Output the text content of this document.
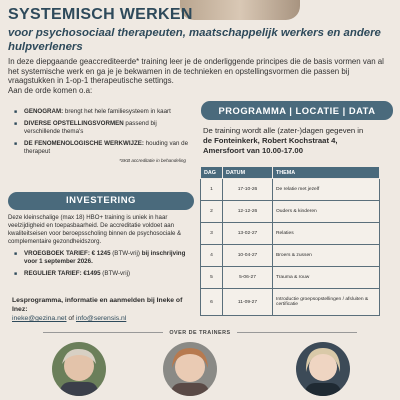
SYSTEMISCH WERKEN
voor psychosociaal therapeuten, maatschappelijk werkers en andere hulpverleners
In deze diepgaande geaccrediteerde* training leer je de onderliggende principes die de basis vormen van al het systemische werk en ga je je bekwamen in de technieken en opstellingsvormen die passen bij vraagstukken in 1-op-1 therapeutische settings.
Aan de orde komen o.a:
■ GENOGRAM: brengt het hele familiesysteem in kaart
■ DIVERSE OPSTELLINGSVORMEN passend bij verschillende thema's
■ DE FENOMENOLOGISCHE WERKWIJZE: houding van de therapeut
*SKB accreditatie in behandeling
INVESTERING
Deze kleinschalige (max 18) HBO+ training is uniek in haar veelzijdigheid en toepasbaarheid. De accreditatie voldoet aan kwaliteitseisen voor beroepsscholing binnen de psychosociale & complementaire gezondheidszorg.
■ VROEGBOEK TARIEF: € 1245 (BTW-vrij) bij inschrijving voor 1 september 2026.
■ REGULIER TARIEF: €1495 (BTW-vrij)
Lesprogramma, informatie en aanmelden bij Ineke of Inez:
ineke@gezina.net of info@serensis.nl
OVER DE TRAINERS
PROGRAMMA | LOCATIE | DATA
De training wordt alle (zater-)dagen gegeven in
de Fonteinkerk, Robert Kochstraat 4,
Amersfoort van 10.00-17.00
DAG	DATUM	THEMA
1	17-10-26	De relatie met jezelf
2	12-12-26	Ouders & kinderen
3	13-02-27	Relaties
4	10-04-27	Broers & zussen
5	5-06-27	Trauma & rouw
6	11-09-27	Introductie groepsopstellingen / afsluiten & certificatie
